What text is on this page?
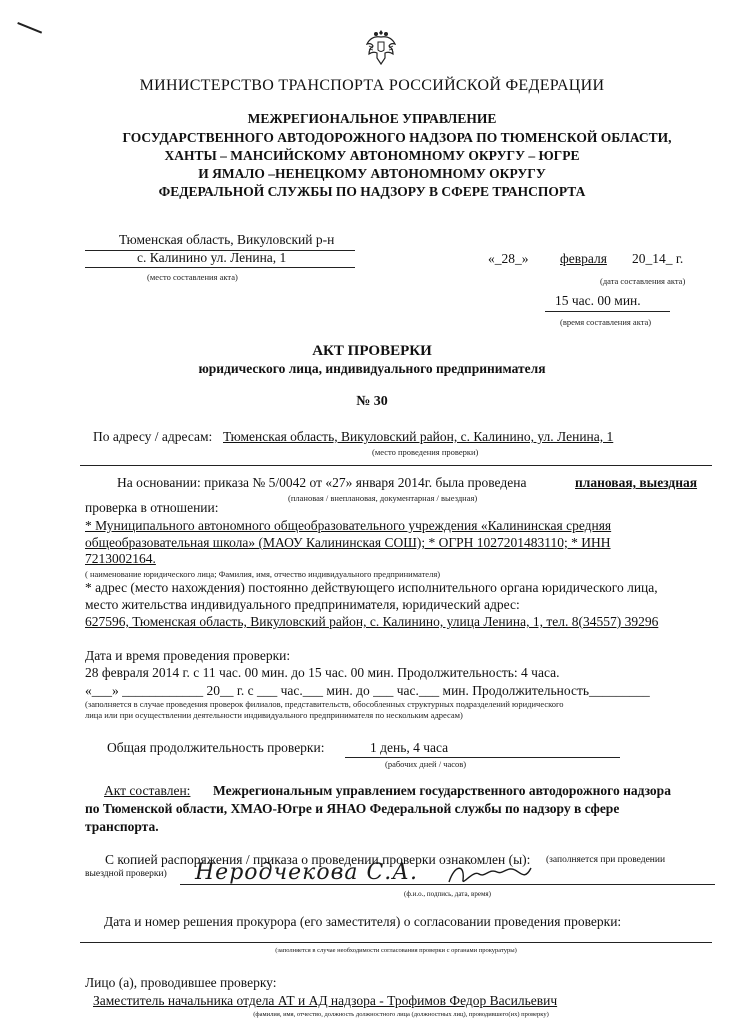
МИНИСТЕРСТВО ТРАНСПОРТА РОССИЙСКОЙ ФЕДЕРАЦИИ
МЕЖРЕГИОНАЛЬНОЕ УПРАВЛЕНИЕ
ГОСУДАРСТВЕННОГО АВТОДОРОЖНОГО НАДЗОРА ПО ТЮМЕНСКОЙ ОБЛАСТИ,
ХАНТЫ – МАНСИЙСКОМУ АВТОНОМНОМУ ОКРУГУ – ЮГРЕ
И ЯМАЛО –НЕНЕЦКОМУ АВТОНОМНОМУ ОКРУГУ
ФЕДЕРАЛЬНОЙ СЛУЖБЫ ПО НАДЗОРУ В СФЕРЕ ТРАНСПОРТА
Тюменская область, Викуловский р-н
с. Калинино ул. Ленина, 1
(место составления акта)
«_28_» февраля 20_14_ г.
(дата составления акта)
15 час. 00 мин.
(время составления акта)
АКТ ПРОВЕРКИ
юридического лица, индивидуального предпринимателя
№ 30
По адресу / адресам: Тюменская область, Викуловский район, с. Калинино, ул. Ленина, 1
(место проведения проверки)
На основании: приказа № 5/0042 от «27» января 2014г. была проведена	плановая, выездная
(плановая / внеплановая, документарная / выездная)
проверка в отношении:
* Муниципального автономного общеобразовательного учреждения «Калининская средняя
общеобразовательная школа» (МАОУ Калининская СОШ); * ОГРН 1027201483110; * ИНН
7213002164.
( наименование юридического лица; Фамилия, имя, отчество индивидуального предпринимателя)
* адрес (место нахождения) постоянно действующего исполнительного органа юридического лица,
место жительства индивидуального предпринимателя, юридический адрес:
627596, Тюменская область, Викуловский район, с. Калинино, улица Ленина, 1, тел. 8(34557) 39296
Дата и время проведения проверки:
28 февраля 2014 г. с 11 час. 00 мин. до 15 час. 00 мин. Продолжительность: 4 часа.
«___» ____________ 20__ г. с ___ час.___ мин. до ___ час.___ мин. Продолжительность_________
(заполняется в случае проведения проверок филиалов, представительств, обособленных структурных подразделений юридического
лица или при осуществлении деятельности индивидуального предпринимателя по нескольким адресам)
Общая продолжительность проверки:	1 день, 4 часа
(рабочих дней / часов)
Акт составлен: Межрегиональным управлением государственного автодорожного надзора
по Тюменской области, ХМАО-Югре и ЯНАО Федеральной службы по надзору в сфере
транспорта.
С копией распоряжения / приказа о проведении проверки ознакомлен (ы): (заполняется при проведении
выездной проверки) Неродчекова С.А.
(ф.и.о., подпись, дата, время)
Дата и номер решения прокурора (его заместителя) о согласовании проведения проверки:
(заполняется в случае необходимости согласования проверки с органами прокуратуры)
Лицо (а), проводившее проверку:
Заместитель начальника отдела АТ и АД надзора - Трофимов Федор Васильевич
(фамилия, имя, отчество, должность должностного лица (должностных лиц), проводившего(их) проверку)
